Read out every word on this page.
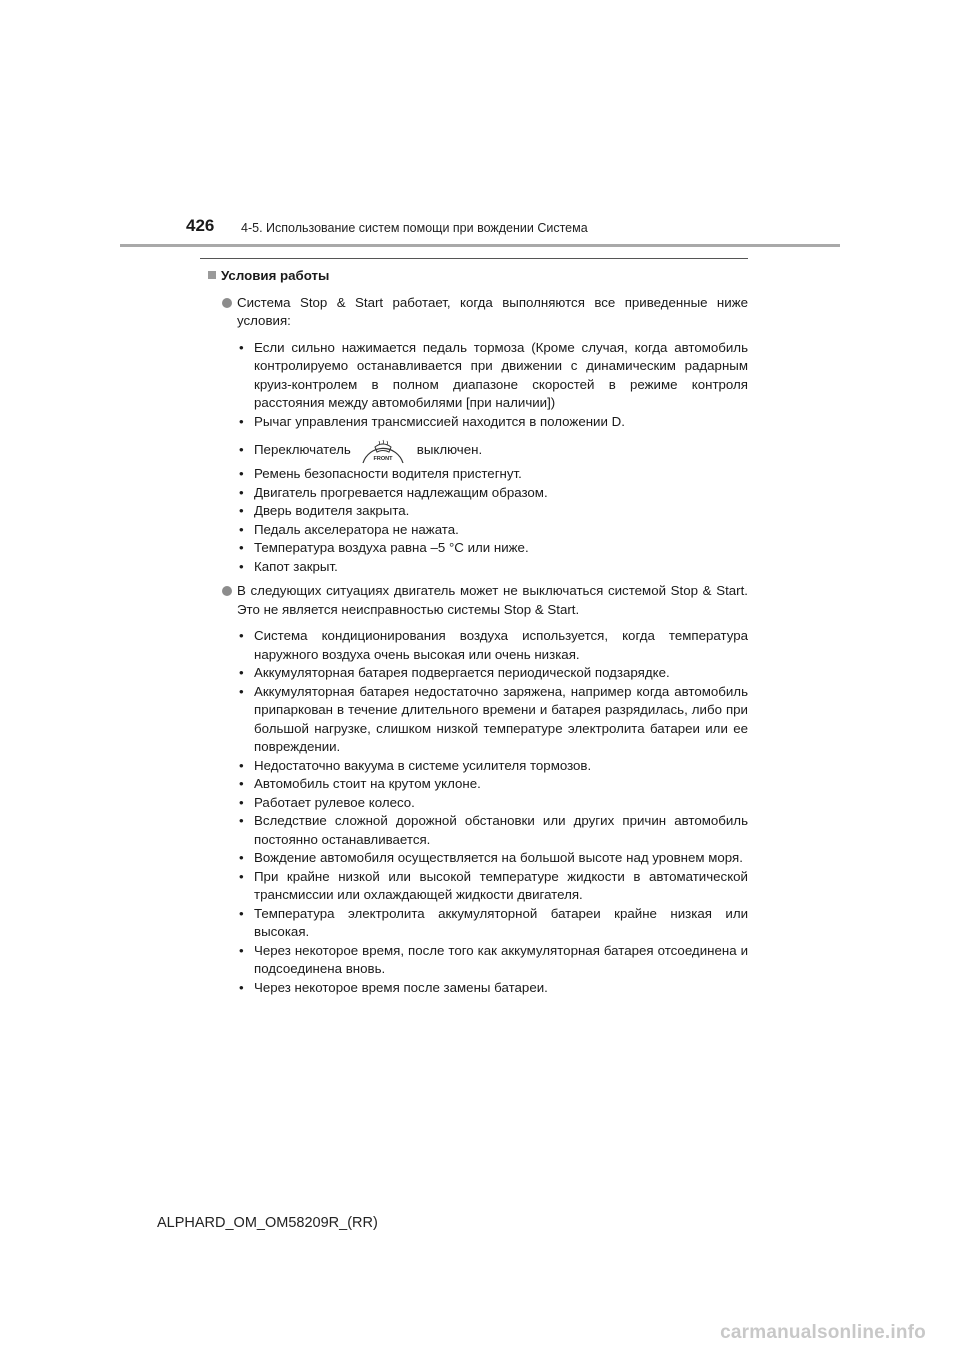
426 4-5. Использование систем помощи при вождении Система
Условия работы
Система Stop & Start работает, когда выполняются все приведенные ниже условия:
• Если сильно нажимается педаль тормоза (Кроме случая, когда автомобиль контролируемо останавливается при движении с динамическим радарным круиз-контролем в полном диапазоне скоростей в режиме контроля расстояния между автомобилями [при наличии])
• Рычаг управления трансмиссией находится в положении D.
• Переключатель
FRONT
выключен.
• Ремень безопасности водителя пристегнут.
• Двигатель прогревается надлежащим образом.
• Дверь водителя закрыта.
• Педаль акселератора не нажата.
• Температура воздуха равна –5 °C или ниже.
• Капот закрыт.
В следующих ситуациях двигатель может не выключаться системой Stop & Start. Это не является неисправностью системы Stop & Start.
• Система кондиционирования воздуха используется, когда температура наружного воздуха очень высокая или очень низкая.
• Аккумуляторная батарея подвергается периодической подзарядке.
• Аккумуляторная батарея недостаточно заряжена, например когда автомобиль припаркован в течение длительного времени и батарея разрядилась, либо при большой нагрузке, слишком низкой температуре электролита батареи или ее повреждении.
• Недостаточно вакуума в системе усилителя тормозов.
• Автомобиль стоит на крутом уклоне.
• Работает рулевое колесо.
• Вследствие сложной дорожной обстановки или других причин автомобиль постоянно останавливается.
• Вождение автомобиля осуществляется на большой высоте над уровнем моря.
• При крайне низкой или высокой температуре жидкости в автоматической трансмиссии или охлаждающей жидкости двигателя.
• Температура электролита аккумуляторной батареи крайне низкая или высокая.
• Через некоторое время, после того как аккумуляторная батарея отсоединена и подсоединена вновь.
• Через некоторое время после замены батареи.
ALPHARD_OM_OM58209R_(RR)
carmanualsonline.info
